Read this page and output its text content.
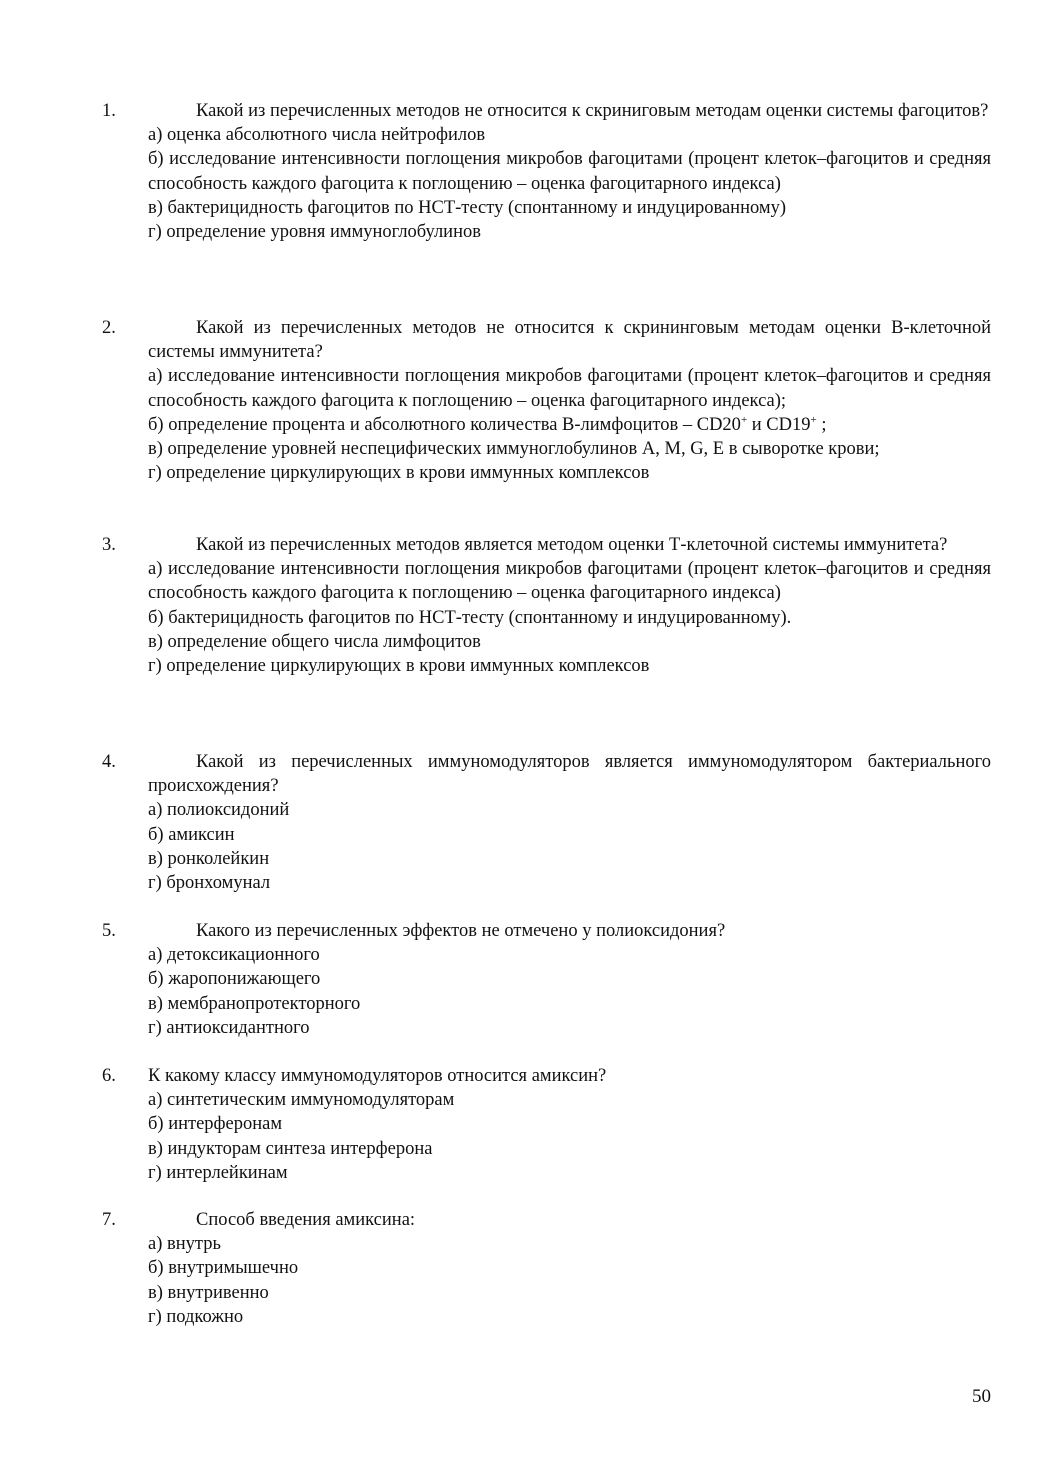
1.	Какой из перечисленных методов не относится к скриниговым методам оценки системы фагоцитов?
а) оценка абсолютного числа нейтрофилов
б) исследование интенсивности поглощения микробов фагоцитами (процент клеток–фагоцитов и средняя способность каждого фагоцита к поглощению – оценка фагоцитарного индекса)
в) бактерицидность фагоцитов по НСТ-тесту (спонтанному и индуцированному)
г) определение уровня иммуноглобулинов
2.	Какой из перечисленных методов не относится к скрининговым методам оценки В-клеточной системы иммунитета?
а) исследование интенсивности поглощения микробов фагоцитами (процент клеток–фагоцитов и средняя способность каждого фагоцита к поглощению – оценка фагоцитарного индекса);
б) определение процента и абсолютного количества В-лимфоцитов – CD20+ и CD19+ ;
в) определение уровней неспецифических иммуноглобулинов A, M, G, E в сыворотке крови;
г) определение циркулирующих в крови иммунных комплексов
3.	Какой из перечисленных методов является методом оценки Т-клеточной системы иммунитета?
а) исследование интенсивности поглощения микробов фагоцитами (процент клеток–фагоцитов и средняя способность каждого фагоцита к поглощению – оценка фагоцитарного индекса)
б) бактерицидность фагоцитов по НСТ-тесту (спонтанному и индуцированному).
в) определение общего числа лимфоцитов
г) определение циркулирующих в крови иммунных комплексов
4.	Какой из перечисленных иммуномодуляторов является иммуномодулятором бактериального происхождения?
а) полиоксидоний
б) амиксин
в) ронколейкин
г) бронхомунал
5.	Какого из перечисленных эффектов не отмечено у полиоксидония?
а) детоксикационного
б) жаропонижающего
в) мембранопротекторного
г) антиоксидантного
6.	К какому классу иммуномодуляторов относится амиксин?
а) синтетическим иммуномодуляторам
б) интерферонам
в) индукторам синтеза интерферона
г) интерлейкинам
7.	Способ введения амиксина:
а) внутрь
б) внутримышечно
в) внутривенно
г) подкожно
50
